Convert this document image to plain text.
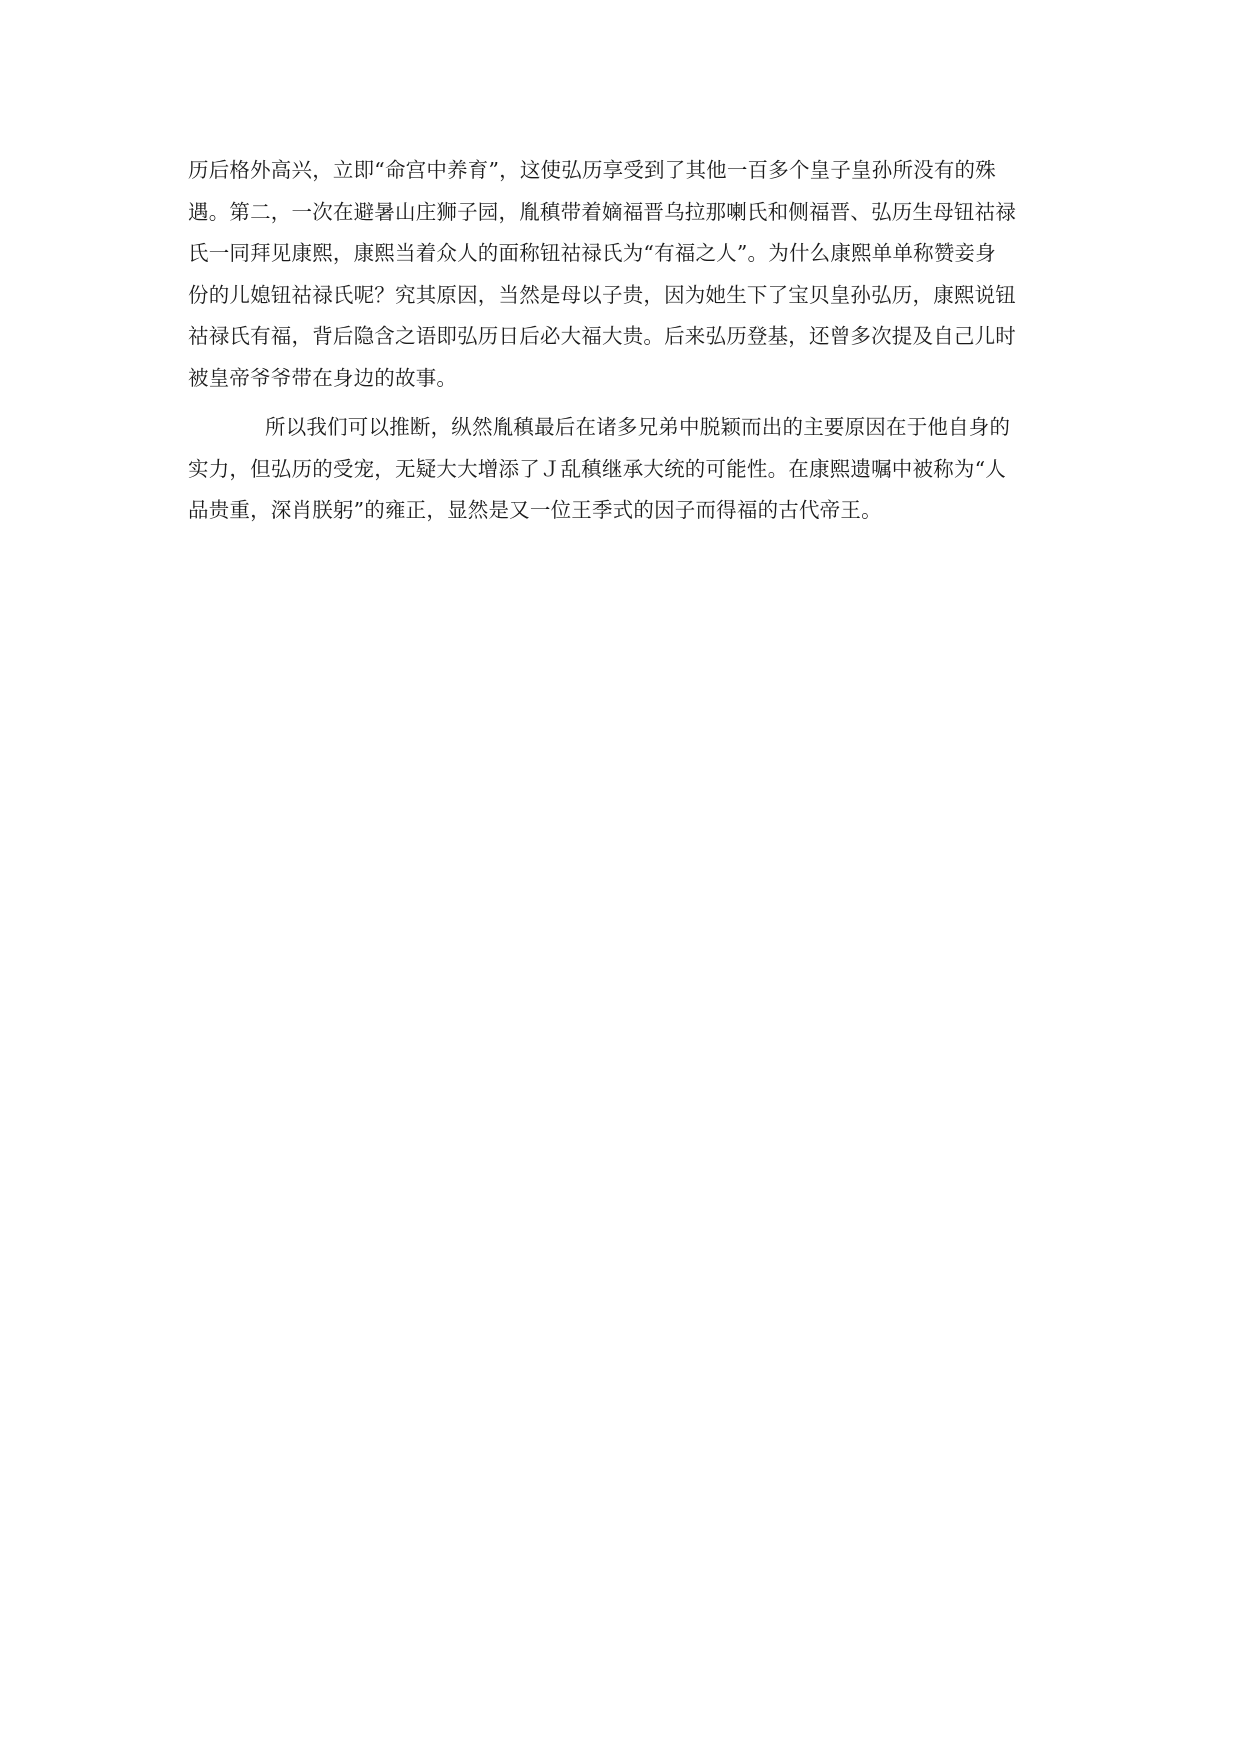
历后格外高兴，立即“命宫中养育”，这使弘历享受到了其他一百多个皇子皇孙所没有的殊
遇。第二，一次在避暑山庄狮子园，胤稹带着嫡福晋乌拉那喇氏和侧福晋、弘历生母钮祜禄
氏一同拜见康熙，康熙当着众人的面称钮祜禄氏为“有福之人”。为什么康熙单单称赞妾身
份的儿媳钮祜禄氏呢？究其原因，当然是母以子贵，因为她生下了宝贝皇孙弘历，康熙说钮
祜禄氏有福，背后隐含之语即弘历日后必大福大贵。后来弘历登基，还曾多次提及自己儿时
被皇帝爷爷带在身边的故事。

所以我们可以推断，纵然胤稹最后在诸多兄弟中脱颖而出的主要原因在于他自身的
实力，但弘历的受宠，无疑大大增添了Ｊ乱稹继承大统的可能性。在康熙遗嘱中被称为“人
品贵重，深肖朕躬”的雍正，显然是又一位王季式的因子而得福的古代帝王。
